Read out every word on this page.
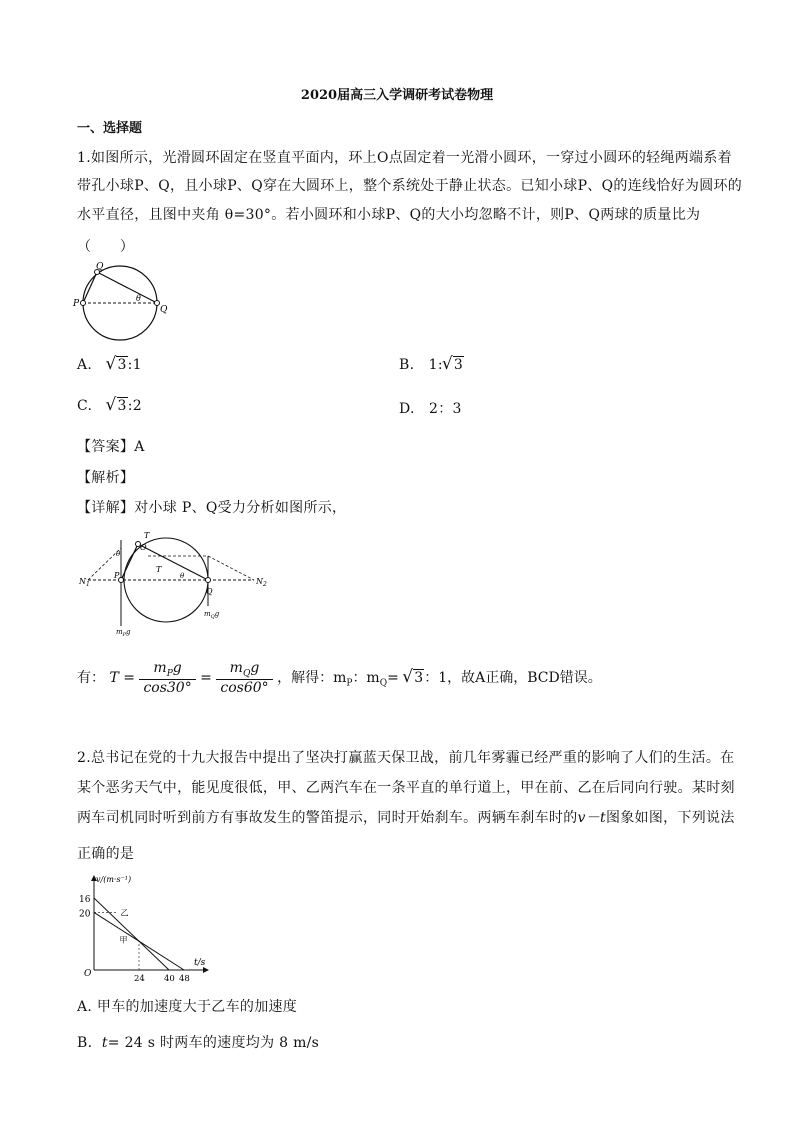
2020届高三入学调研考试卷物理
一、选择题
1.如图所示，光滑圆环固定在竖直平面内，环上O点固定着一光滑小圆环，一穿过小圆环的轻绳两端系着
带孔小球P、Q，且小球P、Q穿在大圆环上，整个系统处于静止状态。已知小球P、Q的连线恰好为圆环的
水平直径，且图中夹角 θ=30°。若小圆环和小球P、Q的大小均忽略不计，则P、Q两球的质量比为
（　　）
Q
P
Q
θ
A. √ 3:1	B. 1: √ 3
C. √ 3:2	D. 2：3
【答案】A
【解析】
【详解】对小球 P、Q受力分析如图所示，
$N_1$	$N_2$
T
T
O
P
Q
θ
θ
$m_Pg$
$m_Qg$
有： $T = \frac{m_Pg}{\cos 30^\circ} = \frac{m_Qg}{\cos 60^\circ}$ ，解得：$m_P$：$m_Q=$ √ 3：1，故A正确，BCD错误。
2.总书记在党的十九大报告中提出了坚决打赢蓝天保卫战，前几年雾霾已经严重的影响了人们的生活。在
某个恶劣天气中，能见度很低，甲、乙两汽车在一条平直的单行道上，甲在前、乙在后同向行驶。某时刻
两车司机同时听到前方有事故发生的警笛提示，同时开始刹车。两辆车刹车时的v－t图象如图，下列说法
正确的是
v/(m·s⁻¹)
t/s
O
乙
甲
20
16
24 40 48
A. 甲车的加速度大于乙车的加速度
B. t= 24 s 时两车的速度均为 8 m/s
